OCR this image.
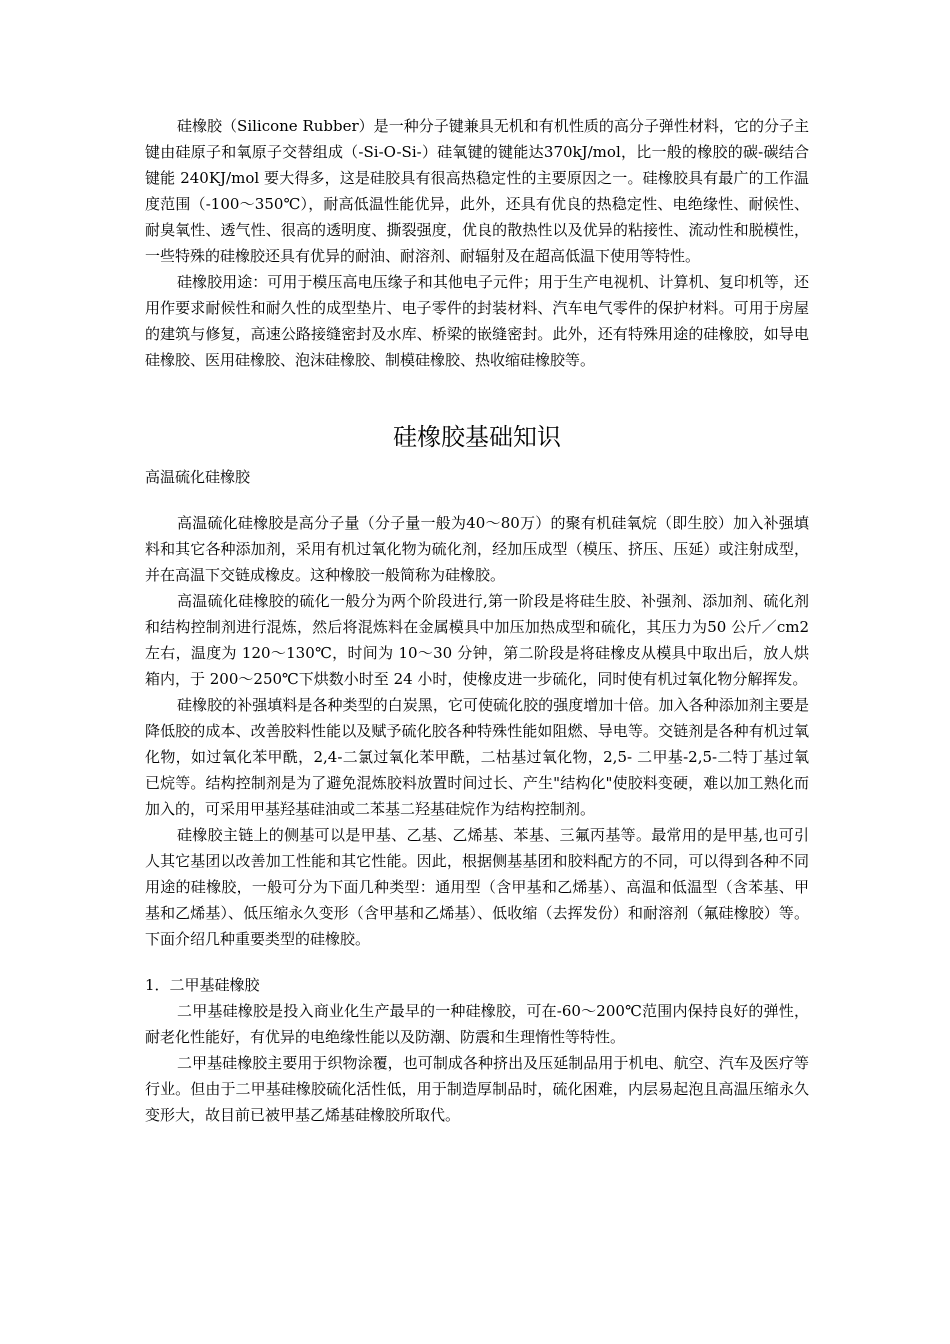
硅橡胶（Silicone Rubber）是一种分子键兼具无机和有机性质的高分子弹性材料，它的分子主键由硅原子和氧原子交替组成（-Si-O-Si-）硅氧键的键能达370kJ/mol，比一般的橡胶的碳-碳结合键能 240KJ/mol 要大得多，这是硅胶具有很高热稳定性的主要原因之一。硅橡胶具有最广的工作温度范围（-100～350℃），耐高低温性能优异，此外，还具有优良的热稳定性、电绝缘性、耐候性、耐臭氧性、透气性、很高的透明度、撕裂强度，优良的散热性以及优异的粘接性、流动性和脱模性，一些特殊的硅橡胶还具有优异的耐油、耐溶剂、耐辐射及在超高低温下使用等特性。

硅橡胶用途：可用于模压高电压缘子和其他电子元件；用于生产电视机、计算机、复印机等，还用作要求耐候性和耐久性的成型垫片、电子零件的封装材料、汽车电气零件的保护材料。可用于房屋的建筑与修复，高速公路接缝密封及水库、桥梁的嵌缝密封。此外，还有特殊用途的硅橡胶，如导电硅橡胶、医用硅橡胶、泡沫硅橡胶、制模硅橡胶、热收缩硅橡胶等。

硅橡胶基础知识

高温硫化硅橡胶

高温硫化硅橡胶是高分子量（分子量一般为40～80万）的聚有机硅氧烷（即生胶）加入补强填料和其它各种添加剂，采用有机过氧化物为硫化剂，经加压成型（模压、挤压、压延）或注射成型，并在高温下交链成橡皮。这种橡胶一般简称为硅橡胶。

高温硫化硅橡胶的硫化一般分为两个阶段进行,第一阶段是将硅生胶、补强剂、添加剂、硫化剂和结构控制剂进行混炼，然后将混炼料在金属模具中加压加热成型和硫化，其压力为50 公斤／cm2 左右，温度为 120～130℃，时间为 10～30 分钟，第二阶段是将硅橡皮从模具中取出后，放人烘箱内，于 200～250℃下烘数小时至 24 小时，使橡皮进一步硫化，同时使有机过氧化物分解挥发。

硅橡胶的补强填料是各种类型的白炭黑，它可使硫化胶的强度增加十倍。加入各种添加剂主要是降低胶的成本、改善胶料性能以及赋予硫化胶各种特殊性能如阻燃、导电等。交链剂是各种有机过氧化物，如过氧化苯甲酰，2,4-二氯过氧化苯甲酰，二枯基过氧化物，2,5- 二甲基-2,5-二特丁基过氧已烷等。结构控制剂是为了避免混炼胶料放置时间过长、产生"结构化"使胶料变硬，难以加工熟化而加入的，可采用甲基羟基硅油或二苯基二羟基硅烷作为结构控制剂。

硅橡胶主链上的侧基可以是甲基、乙基、乙烯基、苯基、三氟丙基等。最常用的是甲基,也可引人其它基团以改善加工性能和其它性能。因此，根据侧基基团和胶料配方的不同，可以得到各种不同用途的硅橡胶，一般可分为下面几种类型：通用型（含甲基和乙烯基）、高温和低温型（含苯基、甲基和乙烯基）、低压缩永久变形（含甲基和乙烯基）、低收缩（去挥发份）和耐溶剂（氟硅橡胶）等。下面介绍几种重要类型的硅橡胶。

1．二甲基硅橡胶

二甲基硅橡胶是投入商业化生产最早的一种硅橡胶，可在-60～200℃范围内保持良好的弹性，耐老化性能好，有优异的电绝缘性能以及防潮、防震和生理惰性等特性。

二甲基硅橡胶主要用于织物涂覆，也可制成各种挤出及压延制品用于机电、航空、汽车及医疗等行业。但由于二甲基硅橡胶硫化活性低，用于制造厚制品时，硫化困难，内层易起泡且高温压缩永久变形大，故目前已被甲基乙烯基硅橡胶所取代。
